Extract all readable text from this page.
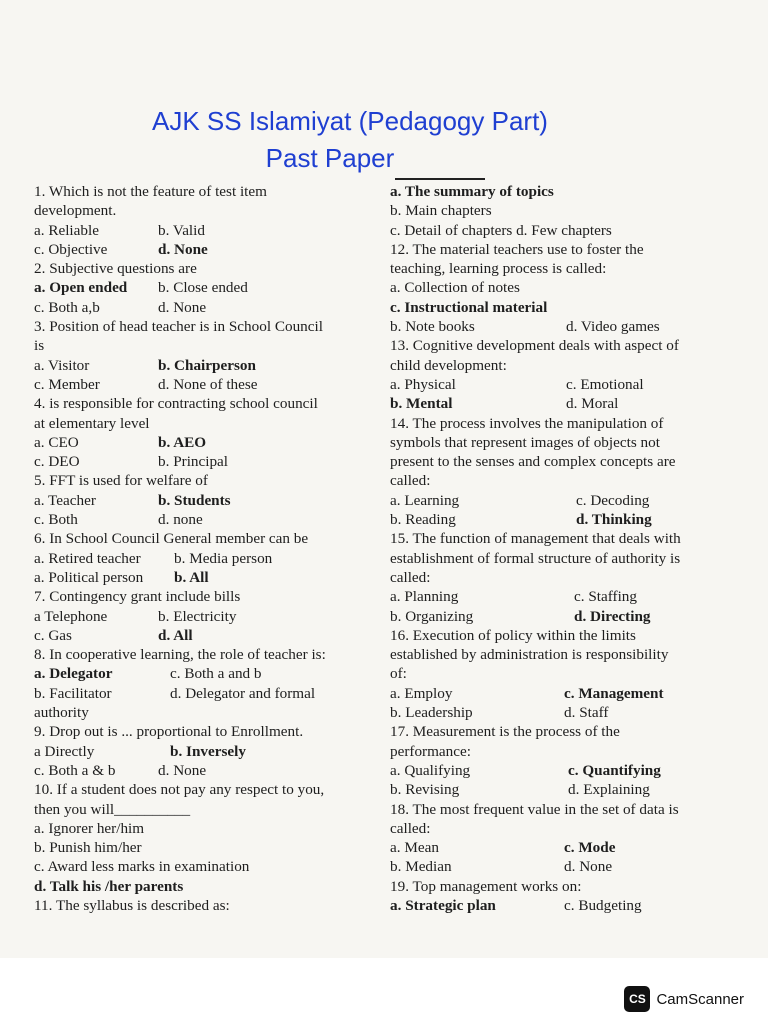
AJK SS Islamiyat (Pedagogy Part)
Past Paper
1. Which is not the feature of test item
development.
a. Reliable	b. Valid
c. Objective	d. None
2. Subjective questions are
a. Open ended b. Close ended
c. Both a,b	d. None
3. Position of head teacher is in School Council
is
a. Visitor	b. Chairperson
c. Member	d. None of these
4. is responsible for contracting school council
at elementary level
a. CEO	b. AEO
c. DEO	b. Principal
5. FFT is used for welfare of
a. Teacher	b. Students
c. Both	d. none
6. In School Council General member can be
a. Retired teacher b. Media person
a. Political person b. All
7. Contingency grant include bills
a Telephone	b. Electricity
c. Gas	d. All
8. In cooperative learning, the role of teacher is:
a. Delegator	c. Both a and b
b. Facilitator	d. Delegator and formal
authority
9. Drop out is ... proportional to Enrollment.
a Directly	b. Inversely
c. Both a & b	d. None
10. If a student does not pay any respect to you,
then you will__________
a. Ignorer her/him
b. Punish him/her
c. Award less marks in examination
d. Talk his /her parents
11. The syllabus is described as:
a. The summary of topics
b. Main chapters
c. Detail of chapters d. Few chapters
12. The material teachers use to foster the
teaching, learning process is called:
a. Collection of notes
c. Instructional material
b. Note books	d. Video games
13. Cognitive development deals with aspect of
child development:
a. Physical	c. Emotional
b. Mental	d. Moral
14. The process involves the manipulation of
symbols that represent images of objects not
present to the senses and complex concepts are
called:
a. Learning	c. Decoding
b. Reading	d. Thinking
15. The function of management that deals with
establishment of formal structure of authority is
called:
a. Planning	c. Staffing
b. Organizing	d. Directing
16. Execution of policy within the limits
established by administration is responsibility
of:
a. Employ	c. Management
b. Leadership	d. Staff
17. Measurement is the process of the
performance:
a. Qualifying	c. Quantifying
b. Revising	d. Explaining
18. The most frequent value in the set of data is
called:
a. Mean	c. Mode
b. Median	d. None
19. Top management works on:
a. Strategic plan	c. Budgeting
CS CamScanner
